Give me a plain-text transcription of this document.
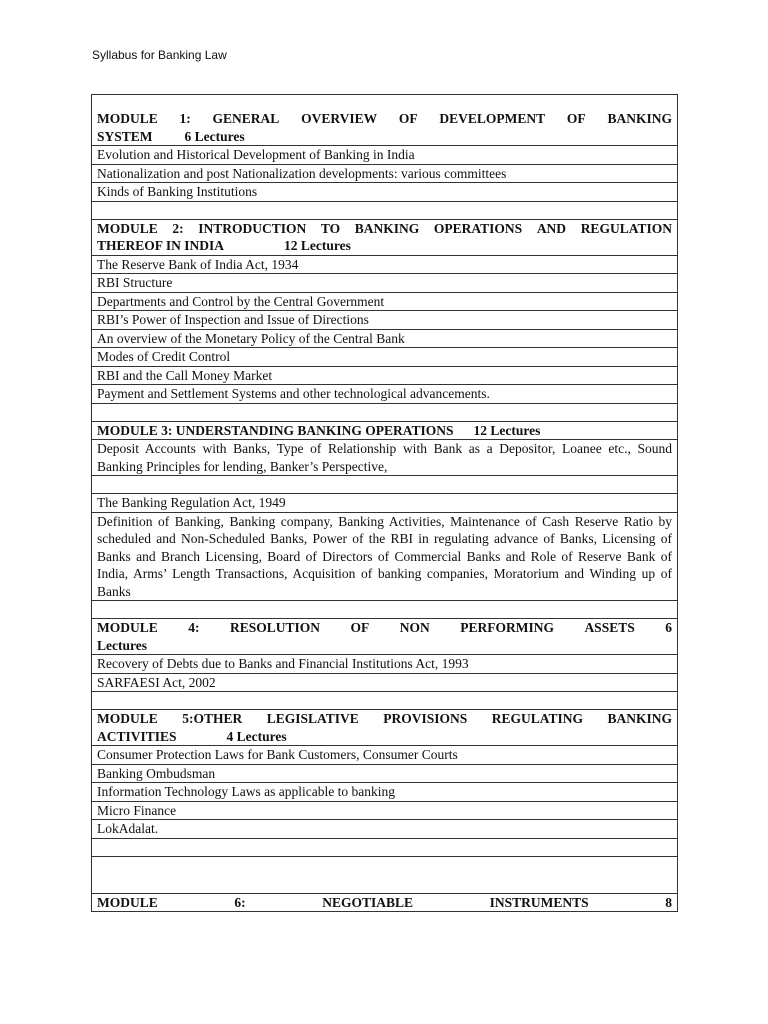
Syllabus for Banking Law
MODULE 1: GENERAL OVERVIEW OF DEVELOPMENT OF BANKING
SYSTEM 6 Lectures

Evolution and Historical Development of Banking in India
Nationalization and post Nationalization developments: various committees
Kinds of Banking Institutions

MODULE 2: INTRODUCTION TO BANKING OPERATIONS AND REGULATION
THEREOF IN INDIA	12 Lectures

The Reserve Bank of India Act, 1934
RBI Structure
Departments and Control by the Central Government
RBI’s Power of Inspection and Issue of Directions
An overview of the Monetary Policy of the Central Bank
Modes of Credit Control
RBI and the Call Money Market
Payment and Settlement Systems and other technological advancements.

MODULE 3: UNDERSTANDING BANKING OPERATIONS 12 Lectures
Deposit Accounts with Banks, Type of Relationship with Bank as a Depositor, Loanee etc., Sound Banking Principles for lending, Banker’s Perspective,

The Banking Regulation Act, 1949
Definition of Banking, Banking company, Banking Activities, Maintenance of Cash Reserve Ratio by scheduled and Non-Scheduled Banks, Power of the RBI in regulating advance of Banks, Licensing of Banks and Branch Licensing, Board of Directors of Commercial Banks and Role of Reserve Bank of India, Arms’ Length Transactions, Acquisition of banking companies, Moratorium and Winding up of Banks

MODULE 4: RESOLUTION OF NON PERFORMING ASSETS 6
Lectures

Recovery of Debts due to Banks and Financial Institutions Act, 1993
SARFAESI Act, 2002

MODULE 5:OTHER LEGISLATIVE PROVISIONS REGULATING BANKING
ACTIVITIES	4 Lectures

Consumer Protection Laws for Bank Customers, Consumer Courts
Banking Ombudsman
Information Technology Laws as applicable to banking
Micro Finance
LokAdalat.

MODULE	6:	NEGOTIABLE	INSTRUMENTS	8
